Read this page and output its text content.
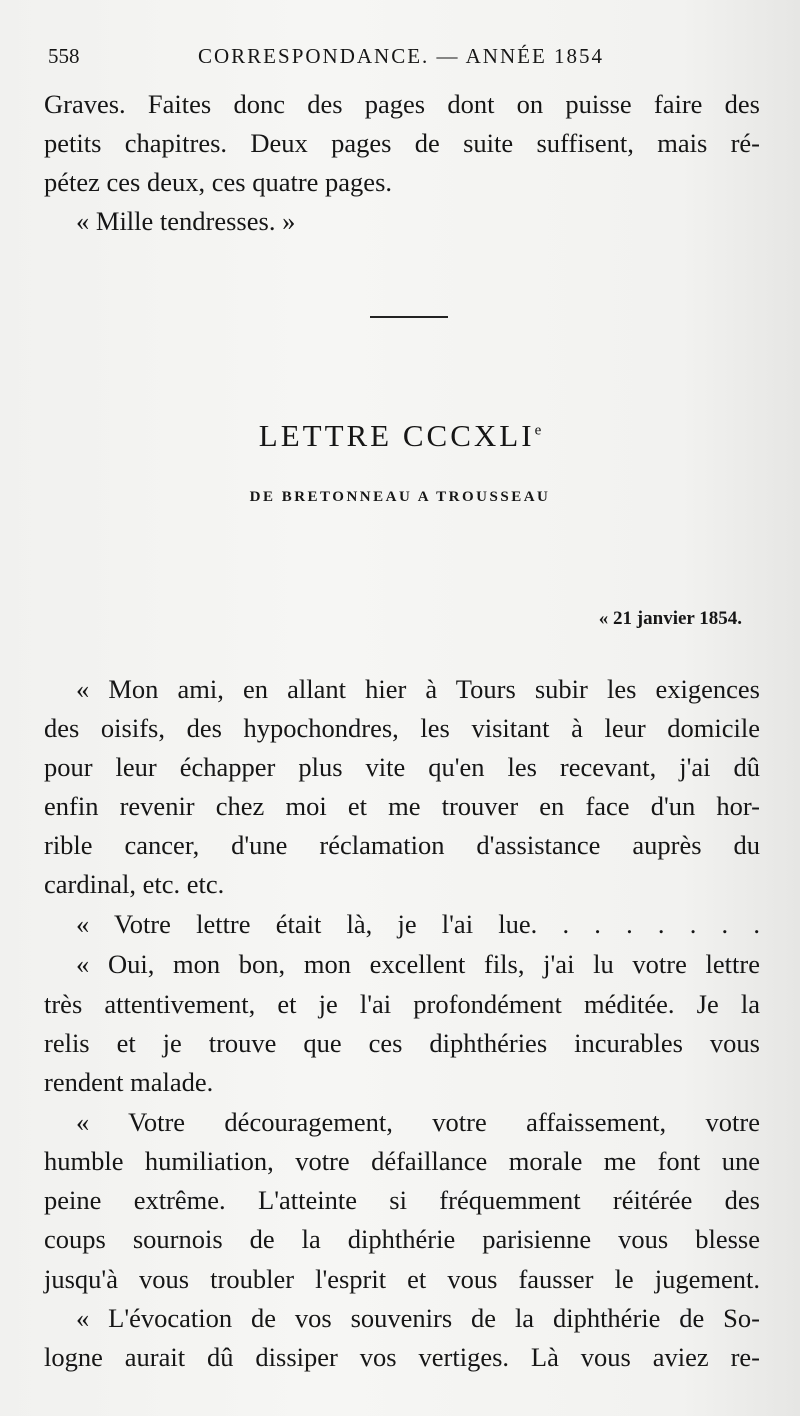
558	CORRESPONDANCE. — ANNÉE 1854
Graves. Faites donc des pages dont on puisse faire des
petits chapitres. Deux pages de suite suffisent, mais ré-
pétez ces deux, ces quatre pages.
« Mille tendresses. »
LETTRE CCCXLIe
DE BRETONNEAU A TROUSSEAU
« 21 janvier 1854.
« Mon ami, en allant hier à Tours subir les exigences
des oisifs, des hypochondres, les visitant à leur domicile
pour leur échapper plus vite qu'en les recevant, j'ai dû
enfin revenir chez moi et me trouver en face d'un hor-
rible cancer, d'une réclamation d'assistance auprès du
cardinal, etc. etc.
« Votre lettre était là, je l'ai lue. . . . . . . .
« Oui, mon bon, mon excellent fils, j'ai lu votre lettre
très attentivement, et je l'ai profondément méditée. Je la
relis et je trouve que ces diphthéries incurables vous
rendent malade.
« Votre découragement, votre affaissement, votre
humble humiliation, votre défaillance morale me font une
peine extrême. L'atteinte si fréquemment réitérée des
coups sournois de la diphthérie parisienne vous blesse
jusqu'à vous troubler l'esprit et vous fausser le jugement.
« L'évocation de vos souvenirs de la diphthérie de So-
logne aurait dû dissiper vos vertiges. Là vous aviez re-
